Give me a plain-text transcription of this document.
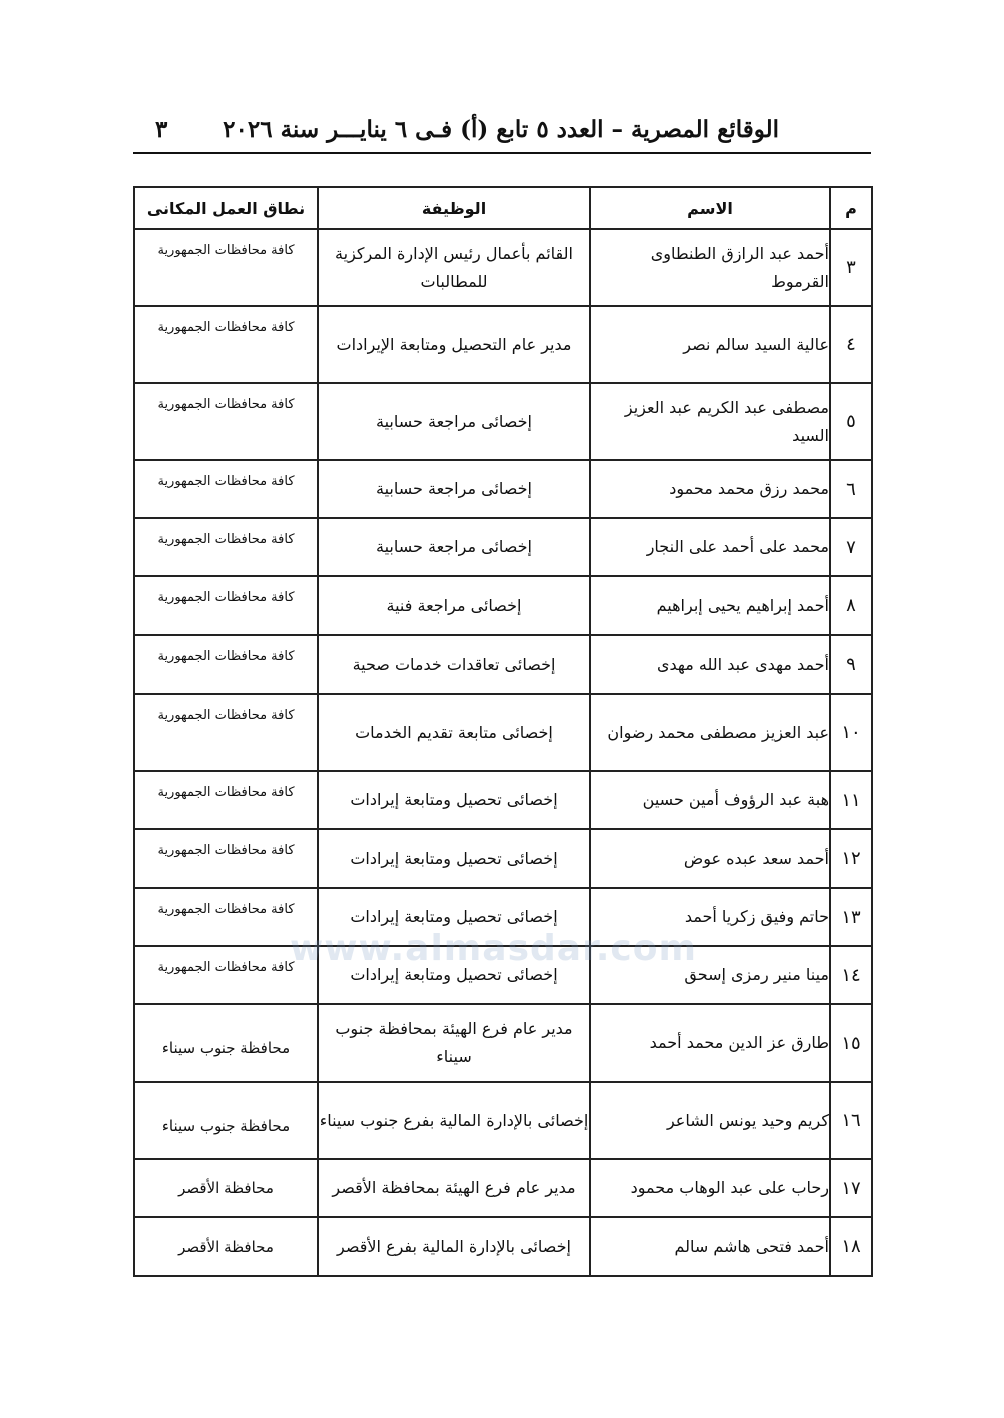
الوقائع المصرية – العدد ٥ تابع (أ) فـى ٦ ينايـــر سنة ٢٠٢٦
٣
م	الاسم	الوظيفة	نطاق العمل المكانى
٣	أحمد عبد الرازق الطنطاوى القرموط	القائم بأعمال رئيس الإدارة المركزية للمطالبات	كافة محافظات الجمهورية
٤	عالية السيد سالم نصر	مدير عام التحصيل ومتابعة الإيرادات	كافة محافظات الجمهورية
٥	مصطفى عبد الكريم عبد العزيز السيد	إخصائى مراجعة حسابية	كافة محافظات الجمهورية
٦	محمد رزق محمد محمود	إخصائى مراجعة حسابية	كافة محافظات الجمهورية
٧	محمد على أحمد على النجار	إخصائى مراجعة حسابية	كافة محافظات الجمهورية
٨	أحمد إبراهيم يحيى إبراهيم	إخصائى مراجعة فنية	كافة محافظات الجمهورية
٩	أحمد مهدى عبد الله مهدى	إخصائى تعاقدات خدمات صحية	كافة محافظات الجمهورية
١٠	عبد العزيز مصطفى محمد رضوان	إخصائى متابعة تقديم الخدمات	كافة محافظات الجمهورية
١١	هبة عبد الرؤوف أمين حسين	إخصائى تحصيل ومتابعة إيرادات	كافة محافظات الجمهورية
١٢	أحمد سعد عبده عوض	إخصائى تحصيل ومتابعة إيرادات	كافة محافظات الجمهورية
١٣	حاتم وفيق زكريا أحمد	إخصائى تحصيل ومتابعة إيرادات	كافة محافظات الجمهورية
١٤	مينا منير رمزى إسحق	إخصائى تحصيل ومتابعة إيرادات	كافة محافظات الجمهورية
١٥	طارق عز الدين محمد أحمد	مدير عام فرع الهيئة بمحافظة جنوب سيناء	محافظة جنوب سيناء
١٦	كريم وحيد يونس الشاعر	إخصائى بالإدارة المالية بفرع جنوب سيناء	محافظة جنوب سيناء
١٧	رحاب على عبد الوهاب محمود	مدير عام فرع الهيئة بمحافظة الأقصر	محافظة الأقصر
١٨	أحمد فتحى هاشم سالم	إخصائى بالإدارة المالية بفرع الأقصر	محافظة الأقصر
www.almasdar.com
